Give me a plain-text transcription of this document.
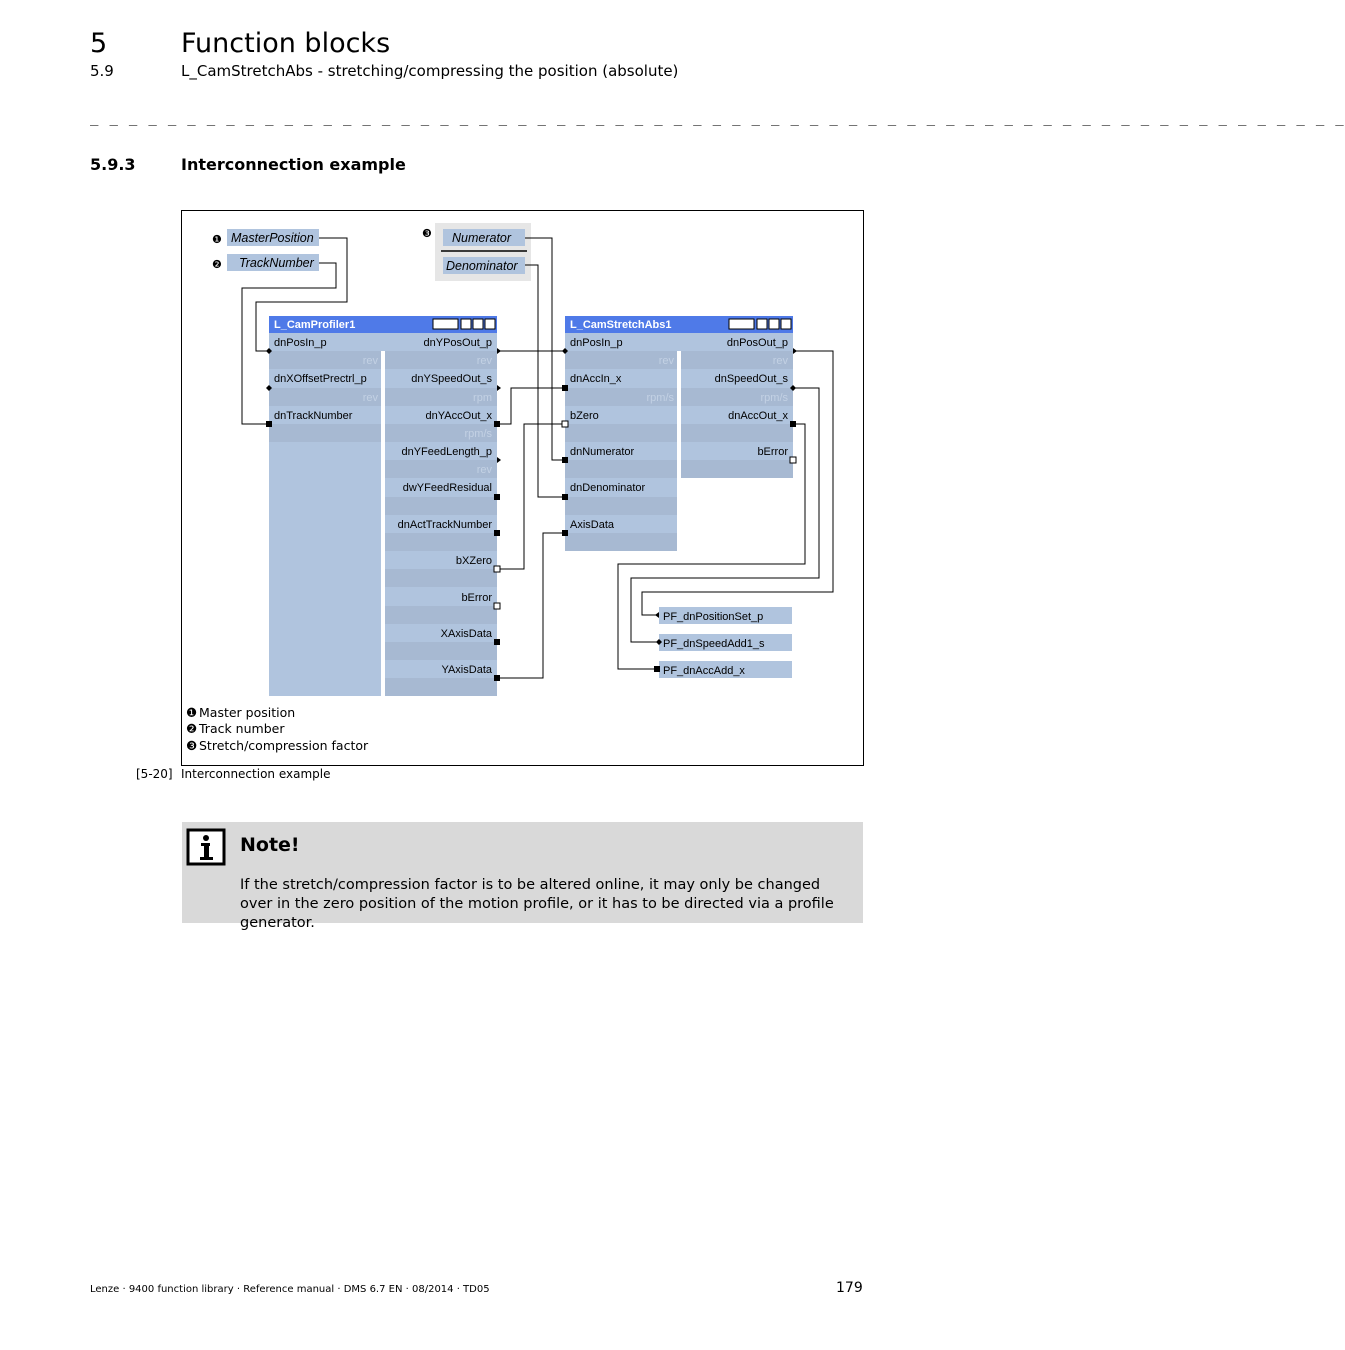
5	Function blocks
5.9	L_CamStretchAbs - stretching/compressing the position (absolute)
_ _ _ _ _ _ _ _ _ _ _ _ _ _ _ _ _ _ _ _ _ _ _ _ _ _ _ _ _ _ _ _ _ _ _ _ _ _ _ _ _ _ _ _ _ _ _ _ _ _ _ _ _ _ _ _ _ _ _ _ _ _ _ _ _
5.9.3	Interconnection example
❶ MasterPosition
❷ TrackNumber
❸ Numerator
Denominator
L_CamProfiler1
dnPosIn_p
dnXOffsetPrectrl_p
dnTrackNumber
rev
rev
dnYPosOut_p
dnYSpeedOut_s
dnYAccOut_x
dnYFeedLength_p
dwYFeedResidual
dnActTrackNumber
bXZero
bError
XAxisData
YAxisData
rev
rpm
rpm/s
rev
L_CamStretchAbs1
dnPosIn_p
dnAccIn_x
bZero
dnNumerator
dnDenominator
AxisData
rev
rpm/s
dnPosOut_p
dnSpeedOut_s
dnAccOut_x
bError
rev
rpm/s
PF_dnPositionSet_p
PF_dnSpeedAdd1_s
PF_dnAccAdd_x
❶ Master position
❷ Track number
❸ Stretch/compression factor
[5-20] Interconnection example
Note!
If the stretch/compression factor is to be altered online, it may only be changed over in the zero position of the motion profile, or it has to be directed via a profile generator.
Lenze · 9400 function library · Reference manual · DMS 6.7 EN · 08/2014 · TD05	179
